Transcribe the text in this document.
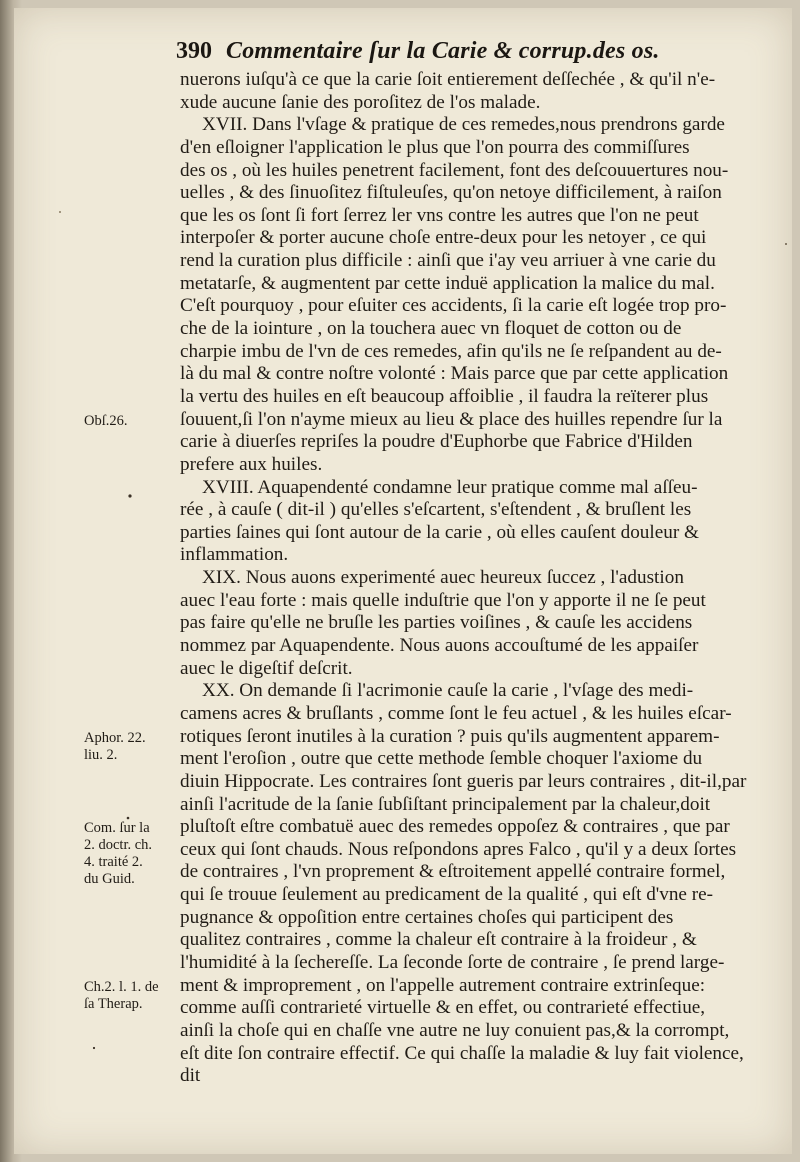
390 Commentaire ſur la Carie & corrup.des os.
nuerons iuſqu'à ce que la carie ſoit entierement deſſechée , & qu'il n'e-
xude aucune ſanie des poroſitez de l'os malade.
XVII. Dans l'vſage & pratique de ces remedes,nous prendrons garde
d'en eſloigner l'application le plus que l'on pourra des commiſſures
des os , où les huiles penetrent facilement, font des deſcouuertures nou-
uelles , & des ſinuoſitez fiſtuleuſes, qu'on netoye difficilement, à raiſon
que les os ſont ſi fort ſerrez ler vns contre les autres que l'on ne peut
interpoſer & porter aucune choſe entre-deux pour les netoyer , ce qui
rend la curation plus difficile : ainſi que i'ay veu arriuer à vne carie du
metatarſe, & augmentent par cette induë application la malice du mal.
C'eſt pourquoy , pour eſuiter ces accidents, ſi la carie eſt logée trop pro-
che de la iointure , on la touchera auec vn floquet de cotton ou de
charpie imbu de l'vn de ces remedes, afin qu'ils ne ſe reſpandent au de-
là du mal & contre noſtre volonté : Mais parce que par cette application
la vertu des huiles en eſt beaucoup affoiblie , il faudra la reïterer plus
ſouuent,ſi l'on n'ayme mieux au lieu & place des huilles rependre ſur la
carie à diuerſes repriſes la poudre d'Euphorbe que Fabrice d'Hilden
prefere aux huiles.
XVIII. Aquapendenté condamne leur pratique comme mal aſſeu-
rée , à cauſe ( dit-il ) qu'elles s'eſcartent, s'eſtendent , & bruſlent les
parties ſaines qui ſont autour de la carie , où elles cauſent douleur &
inflammation.
XIX. Nous auons experimenté auec heureux ſuccez , l'adustion
auec l'eau forte : mais quelle induſtrie que l'on y apporte il ne ſe peut
pas faire qu'elle ne bruſle les parties voiſines , & cauſe les accidens
nommez par Aquapendente. Nous auons accouſtumé de les appaiſer
auec le digeſtif deſcrit.
XX. On demande ſi l'acrimonie cauſe la carie , l'vſage des medi-
camens acres & bruſlants , comme ſont le feu actuel , & les huiles eſcar-
rotiques ſeront inutiles à la curation ? puis qu'ils augmentent apparem-
ment l'eroſion , outre que cette methode ſemble choquer l'axiome du
diuin Hippocrate. Les contraires ſont gueris par leurs contraires , dit-il,par
ainſi l'acritude de la ſanie ſubſiſtant principalement par la chaleur,doit
pluſtoſt eſtre combatuë auec des remedes oppoſez & contraires , que par
ceux qui ſont chauds. Nous reſpondons apres Falco , qu'il y a deux ſortes
de contraires , l'vn proprement & eſtroitement appellé contraire formel,
qui ſe trouue ſeulement au predicament de la qualité , qui eſt d'vne re-
pugnance & oppoſition entre certaines choſes qui participent des
qualitez contraires , comme la chaleur eſt contraire à la froideur , &
l'humidité à la ſechereſſe. La ſeconde ſorte de contraire , ſe prend large-
ment & improprement , on l'appelle autrement contraire extrinſeque:
comme auſſi contrarieté virtuelle & en effet, ou contrarieté effectiue,
ainſi la choſe qui en chaſſe vne autre ne luy conuient pas,& la corrompt,
eſt dite ſon contraire effectif. Ce qui chaſſe la maladie & luy fait violence,
dit
Obſ.26.
Aphor. 22.
liu. 2.
Com. ſur la
2. doctr. ch.
4. traité 2.
du Guid.
Ch.2. l. 1. de
ſa Therap.
